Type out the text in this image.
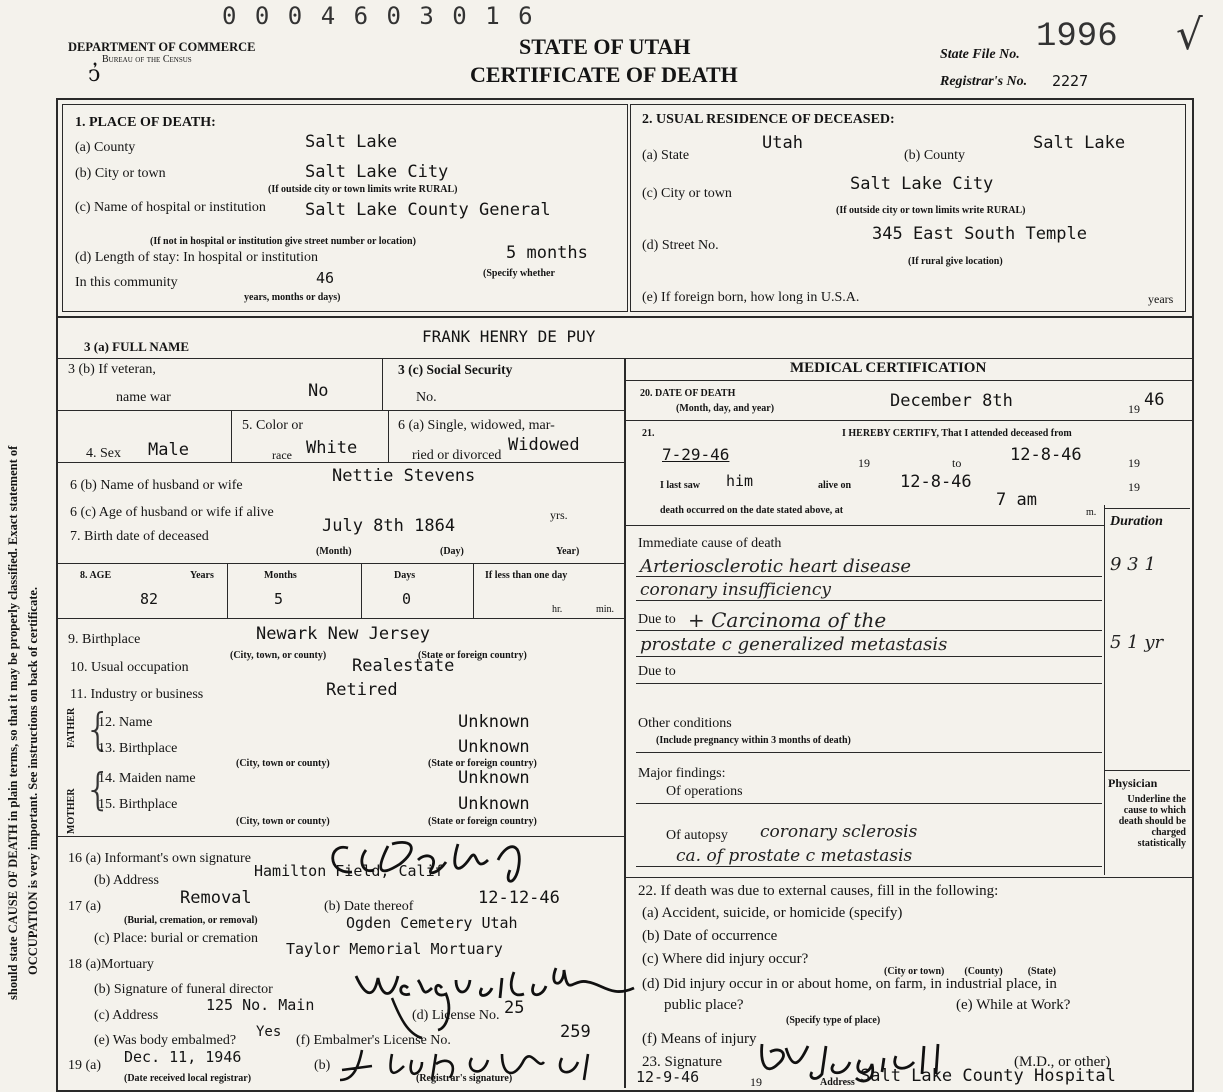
0 0 0 4 6 0 3 0 1 6
DEPARTMENT OF COMMERCE
Bureau of the Census
ↄ̓
STATE OF UTAH
CERTIFICATE OF DEATH
State File No. 1996 √
Registrar's No. 2227
should state CAUSE OF DEATH in plain terms, so that it may be properly classified. Exact statement of OCCUPATION is very important. See instructions on back of certificate.
1. PLACE OF DEATH:
(a) County	Salt Lake
(b) City or town	Salt Lake City
(If outside city or town limits write RURAL)
(c) Name of hospital or institution Salt Lake County General
(If not in hospital or institution give street number or location)
(d) Length of stay: In hospital or institution	5 months
(Specify whether
In this community	46
years, months or days)
2. USUAL RESIDENCE OF DECEASED:
(a) State
Utah
(b) County
Salt Lake
(c) City or town	Salt Lake City
(If outside city or town limits write RURAL)
(d) Street No.
345 East South Temple
(If rural give location)
(e) If foreign born, how long in U.S.A.	years
3 (a) FULL NAME
FRANK HENRY DE PUY
3 (b) If veteran,
name war	No
3 (c) Social Security
No.
4. Sex Male
5. Color or
race White
6 (a) Single, widowed, mar-
ried or divorced
Widowed
6 (b) Name of husband or wife	Nettie Stevens
6 (c) Age of husband or wife if alive	yrs.
7. Birth date of deceased
July 8th 1864
(Month)	(Day)	Year)
8. AGE	Years	Months	Days	If less than one day
82	5	0
hr.	min.
9. Birthplace	Newark New Jersey
(City, town, or county)	(State or foreign country)
10. Usual occupation	Realestate
11. Industry or business	Retired
FATHER
MOTHER
{
{
12. Name	Unknown
13. Birthplace	Unknown
(City, town or county)	(State or foreign country)
14. Maiden name	Unknown
15. Birthplace	Unknown
(City, town or county)	(State or foreign country)
16 (a) Informant's own signature
(b) Address
Hamilton Field, Calif
17 (a)	Removal	(b) Date thereof	12-12-46
(Burial, cremation, or removal)
(c) Place: burial or cremation
Ogden Cemetery Utah
18 (a)Mortuary
Taylor Memorial Mortuary
(b) Signature of funeral director
(c) Address
125 No. Main
(d) License No. 25
(e) Was body embalmed?
Yes
(f) Embalmer's License No.	259
19 (a) Dec. 11, 1946
(Date received local registrar)
(b)
(Registrar's signature)
MEDICAL CERTIFICATION
20. DATE OF DEATH
(Month, day, and year)	December 8th	19 46
21.	I HEREBY CERTIFY, That I attended deceased from
7-29-46	19	to	12-8-46	19
I last saw him	alive on	12-8-46	19
death occurred on the date stated above, at
7 am
m.
Duration
Immediate cause of death
Arteriosclerotic heart disease	9 3 1
coronary insufficiency
Due to + Carcinoma of the
prostate c generalized metastasis	5 1 yr
Due to
Other conditions
(Include pregnancy within 3 months of death)
Major findings:
Of operations
Of autopsy coronary sclerosis
ca. of prostate c metastasis
Physician
Underline the cause to which death should be charged statistically
22. If death was due to external causes, fill in the following:
(a) Accident, suicide, or homicide (specify)
(b) Date of occurrence
(c) Where did injury occur?
(City or town)        (County)          (State)
(d) Did injury occur in or about home, on farm, in industrial place, in
public place?	(e) While at Work?
(Specify type of place)
(f) Means of injury
23. Signature	(M.D., or other)
12-9-46	19	Address Salt Lake County Hospital
